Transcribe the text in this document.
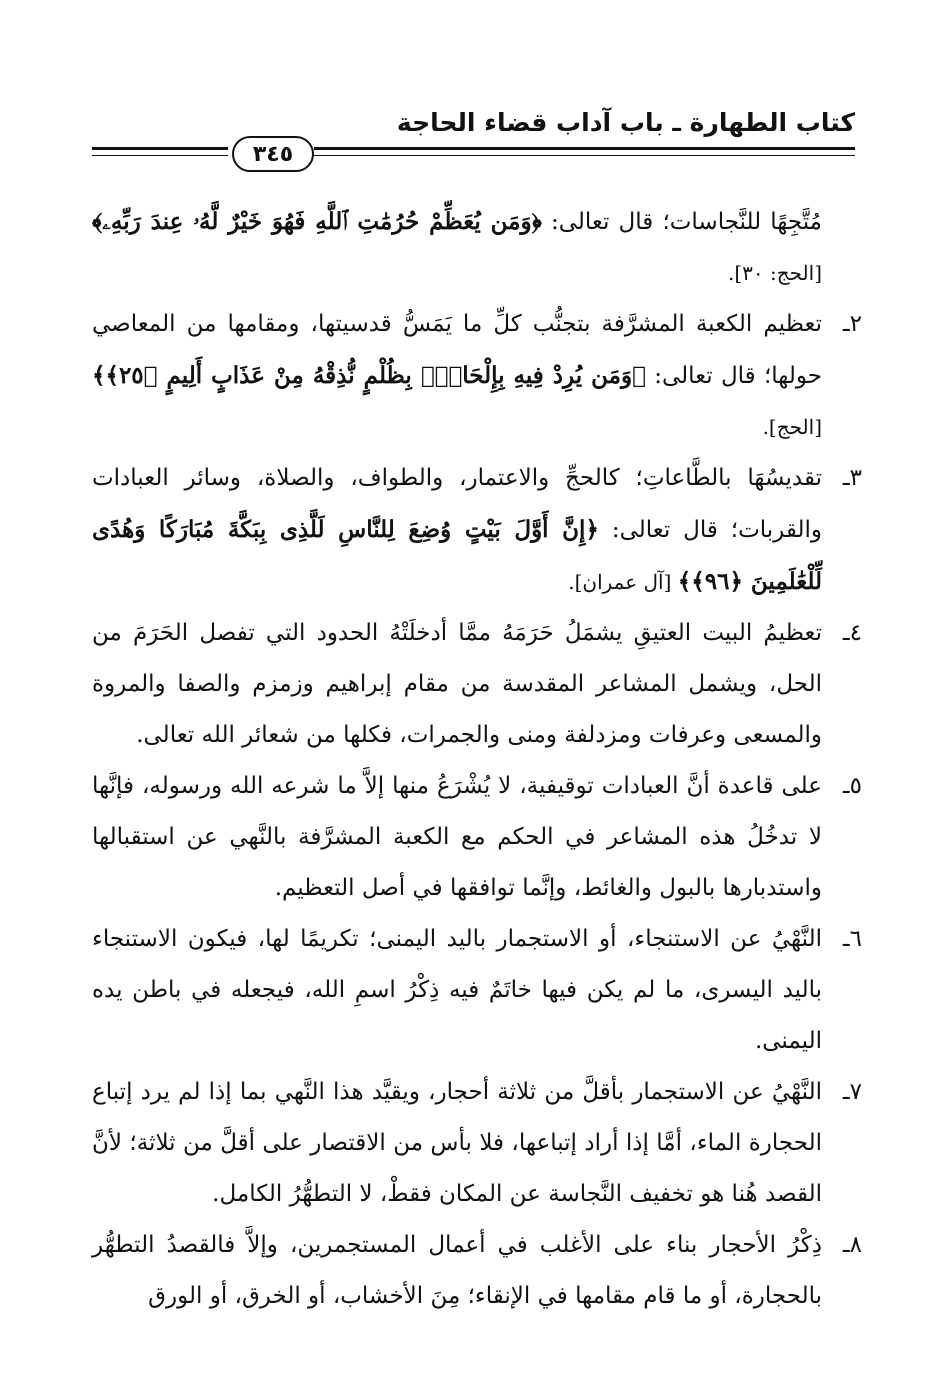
كتاب الطهارة ـ باب آداب قضاء الحاجة
٣٤٥

مُتَّجِهًا للنَّجاسات؛ قال تعالى: ﴿وَمَن يُعَظِّمْ حُرُمَٰتِ ٱللَّهِ فَهُوَ خَيْرٌ لَّهُۥ عِندَ رَبِّهِۦ﴾ [الحج: ٣٠].

٢ـ
تعظيم الكعبة المشرَّفة بتجنُّب كلِّ ما يَمَسُّ قدسيتها، ومقامها من المعاصي حولها؛ قال تعالى: ﴿وَمَن يُرِدْ فِيهِ بِإِلْحَادٍۭ بِظُلْمٍ نُّذِقْهُ مِنْ عَذَابٍ أَلِيمٍ ﴿٢٥﴾﴾ [الحج].
٣ـ
تقديسُهَا بالطَّاعاتِ؛ كالحجِّ والاعتمار، والطواف، والصلاة، وسائر العبادات والقربات؛ قال تعالى: ﴿إِنَّ أَوَّلَ بَيْتٍ وُضِعَ لِلنَّاسِ لَلَّذِى بِبَكَّةَ مُبَارَكًا وَهُدًى لِّلْعَٰلَمِينَ ﴿٩٦﴾﴾ [آل عمران].
٤ـ
تعظيمُ البيت العتيقِ يشمَلُ حَرَمَهُ ممَّا أدخلَتْهُ الحدود التي تفصل الحَرَمَ من الحل، ويشمل المشاعر المقدسة من مقام إبراهيم وزمزم والصفا والمروة والمسعى وعرفات ومزدلفة ومنى والجمرات، فكلها من شعائر الله تعالى.
٥ـ
على قاعدة أنَّ العبادات توقيفية، لا يُشْرَعُ منها إلاَّ ما شرعه الله ورسوله، فإنَّها لا تدخُلُ هذه المشاعر في الحكم مع الكعبة المشرَّفة بالنَّهي عن استقبالها واستدبارها بالبول والغائط، وإنَّما توافقها في أصل التعظيم.
٦ـ
النَّهْيُ عن الاستنجاء، أو الاستجمار باليد اليمنى؛ تكريمًا لها، فيكون الاستنجاء باليد اليسرى، ما لم يكن فيها خاتَمٌ فيه ذِكْرُ اسمِ الله، فيجعله في باطن يده اليمنى.
٧ـ
النَّهْيُ عن الاستجمار بأقلَّ من ثلاثة أحجار، ويقيَّد هذا النَّهي بما إذا لم يرد إتباع الحجارة الماء، أمَّا إذا أراد إتباعها، فلا بأس من الاقتصار على أقلَّ من ثلاثة؛ لأنَّ القصد هُنا هو تخفيف النَّجاسة عن المكان فقطْ، لا التطهُّرُ الكامل.
٨ـ
ذِكْرُ الأحجار بناء على الأغلب في أعمال المستجمرين، وإلاَّ فالقصدُ التطهُّر بالحجارة، أو ما قام مقامها في الإنقاء؛ مِنَ الأخشاب، أو الخرق، أو الورق
